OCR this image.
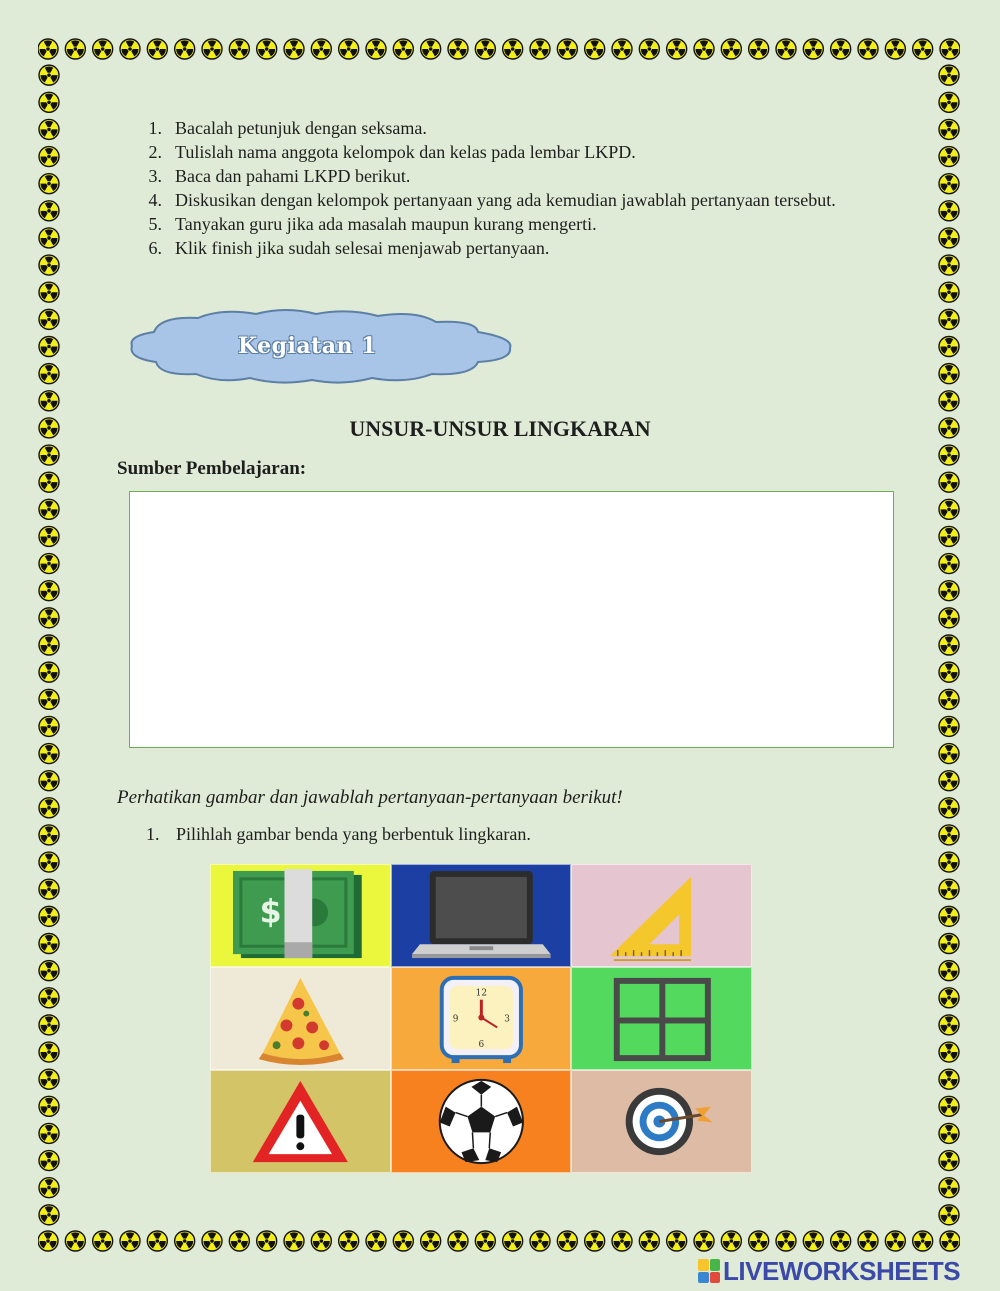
1. Bacalah petunjuk dengan seksama.
2. Tulislah nama anggota kelompok dan kelas pada lembar LKPD.
3. Baca dan pahami LKPD berikut.
4. Diskusikan dengan kelompok pertanyaan yang ada kemudian jawablah pertanyaan tersebut.
5. Tanyakan guru jika ada masalah maupun kurang mengerti.
6. Klik finish jika sudah selesai menjawab pertanyaan.
Kegiatan 1
UNSUR-UNSUR LINGKARAN
Sumber Pembelajaran:
Perhatikan gambar dan jawablah pertanyaan-pertanyaan berikut!
1. Pilihlah gambar benda yang berbentuk lingkaran.
$
12
3
6
9
LIVEWORKSHEETS
